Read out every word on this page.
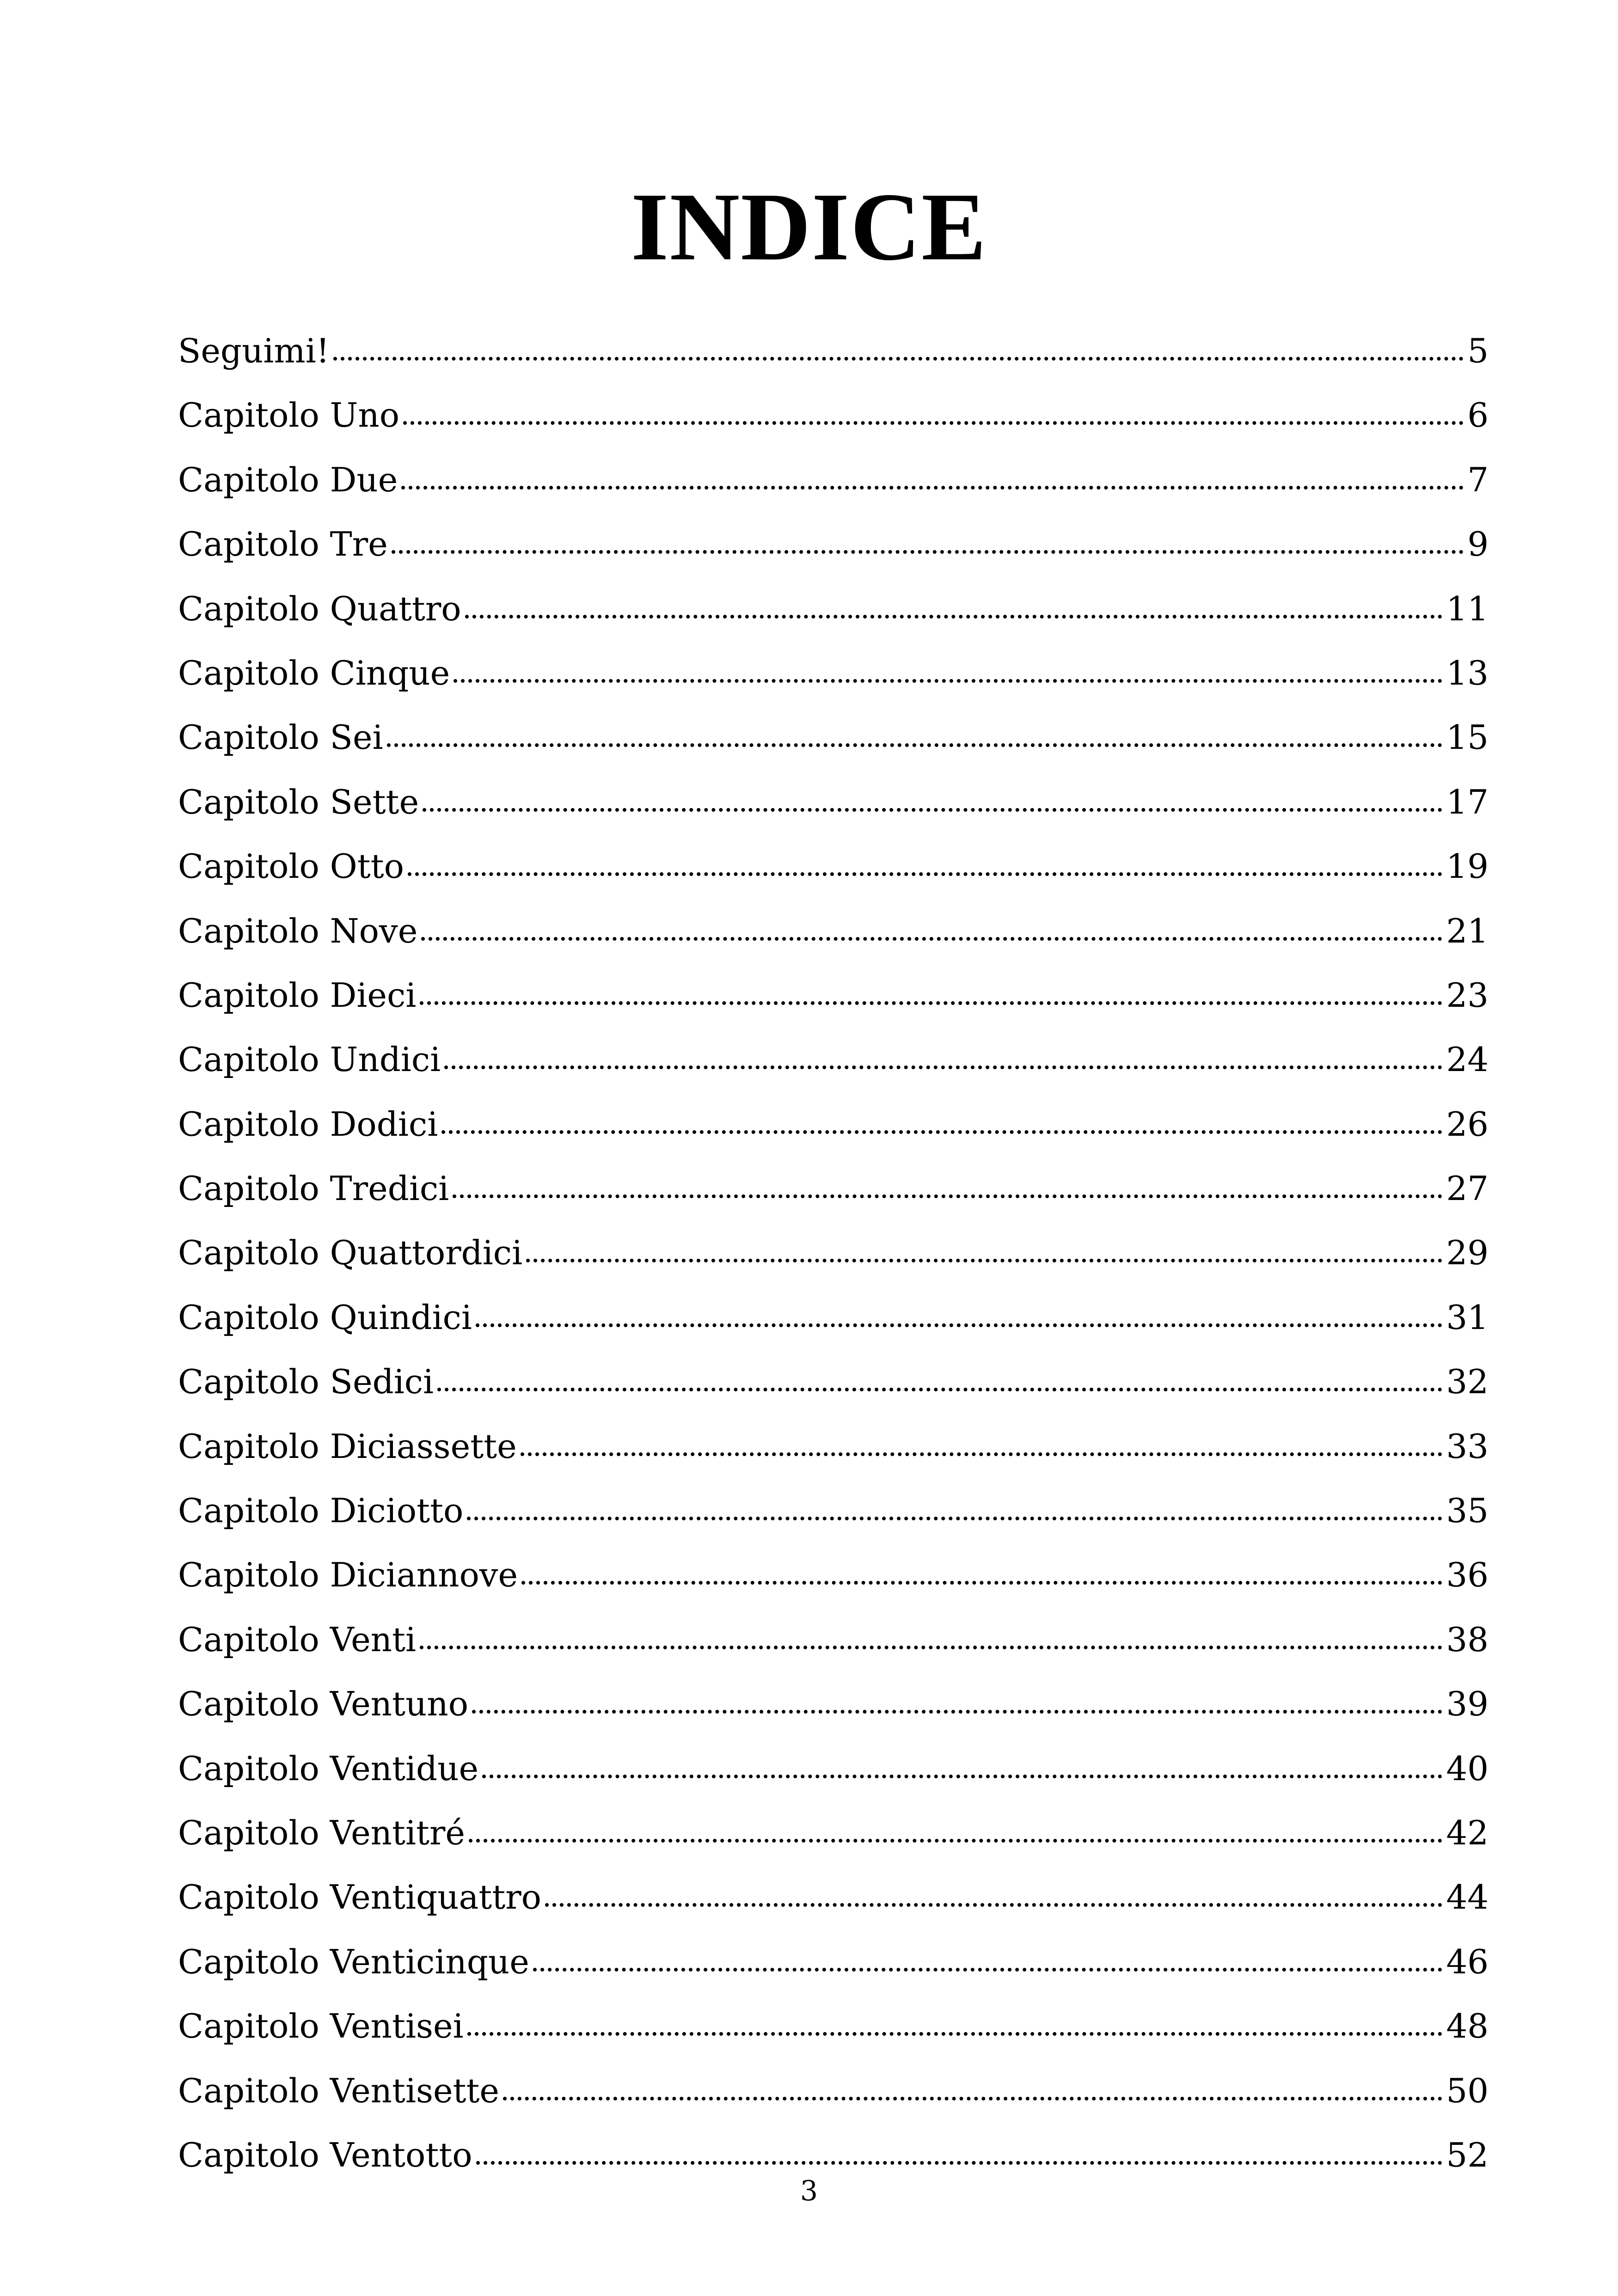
INDICE
Seguimi!	5
Capitolo Uno	6
Capitolo Due	7
Capitolo Tre	9
Capitolo Quattro	11
Capitolo Cinque	13
Capitolo Sei	15
Capitolo Sette	17
Capitolo Otto	19
Capitolo Nove	21
Capitolo Dieci	23
Capitolo Undici	24
Capitolo Dodici	26
Capitolo Tredici	27
Capitolo Quattordici	29
Capitolo Quindici	31
Capitolo Sedici	32
Capitolo Diciassette	33
Capitolo Diciotto	35
Capitolo Diciannove	36
Capitolo Venti	38
Capitolo Ventuno	39
Capitolo Ventidue	40
Capitolo Ventitré	42
Capitolo Ventiquattro	44
Capitolo Venticinque	46
Capitolo Ventisei	48
Capitolo Ventisette	50
Capitolo Ventotto	52
3
